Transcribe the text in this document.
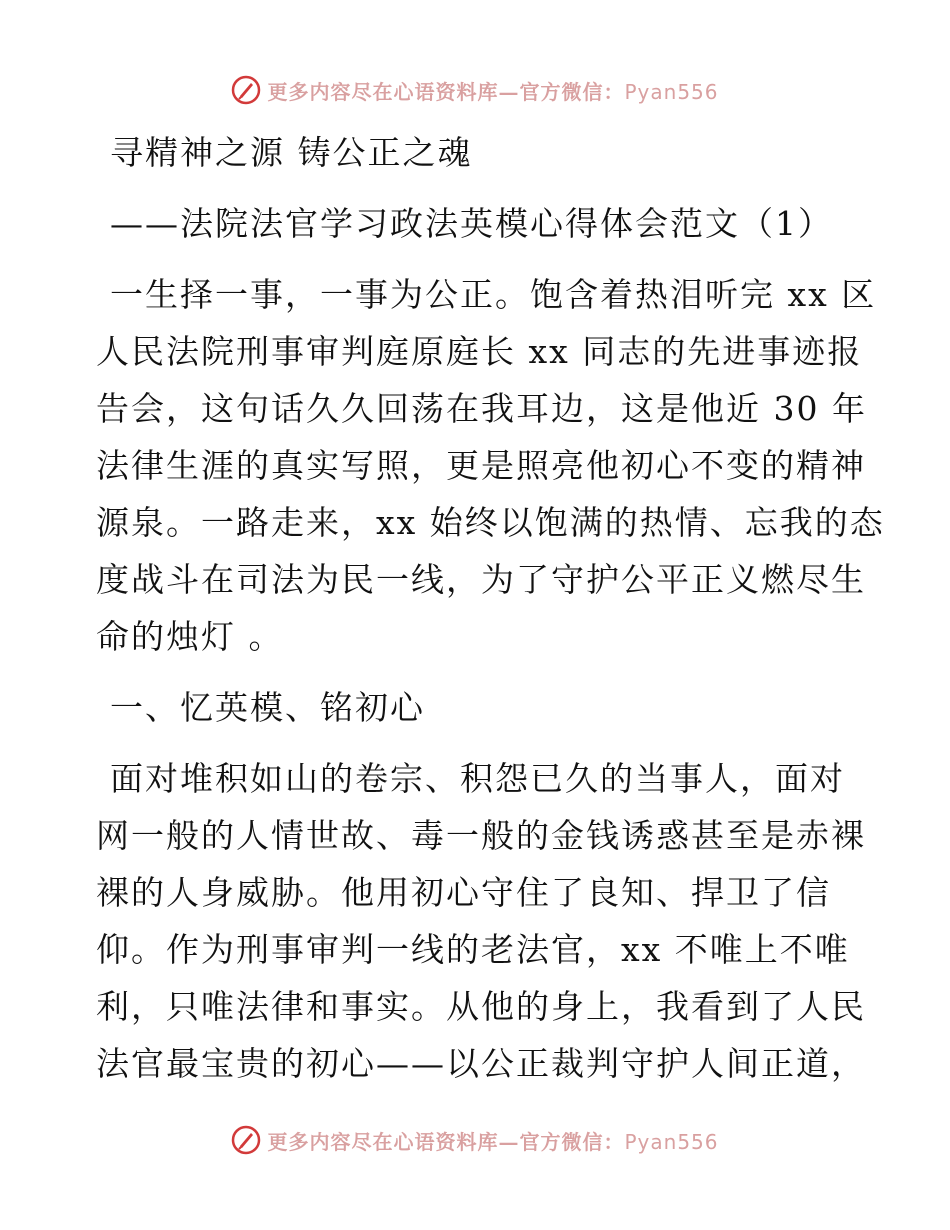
更多内容尽在心语资料库—官方微信：Pyan556
寻精神之源 铸公正之魂
——法院法官学习政法英模心得体会范文（1）
一生择一事，一事为公正。饱含着热泪听完 xx 区
人民法院刑事审判庭原庭长 xx 同志的先进事迹报
告会，这句话久久回荡在我耳边，这是他近 30 年
法律生涯的真实写照，更是照亮他初心不变的精神
源泉。一路走来，xx 始终以饱满的热情、忘我的态
度战斗在司法为民一线，为了守护公平正义燃尽生
命的烛灯 。
一、忆英模、铭初心
面对堆积如山的卷宗、积怨已久的当事人，面对
网一般的人情世故、毒一般的金钱诱惑甚至是赤裸
裸的人身威胁。他用初心守住了良知、捍卫了信
仰。作为刑事审判一线的老法官，xx 不唯上不唯
利，只唯法律和事实。从他的身上，我看到了人民
法官最宝贵的初心——以公正裁判守护人间正道，
更多内容尽在心语资料库—官方微信：Pyan556
